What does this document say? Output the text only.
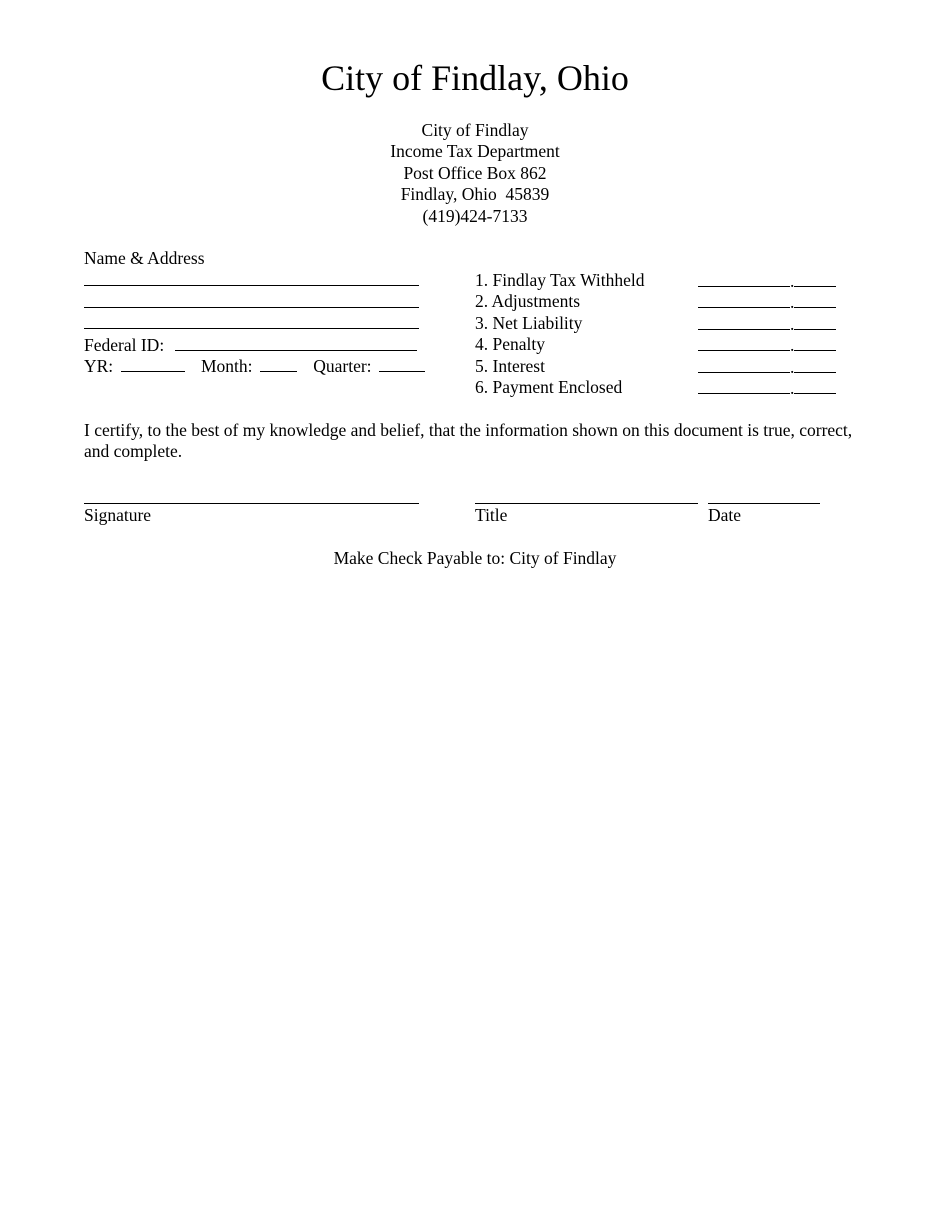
City of Findlay, Ohio
City of Findlay
Income Tax Department
Post Office Box 862
Findlay, Ohio  45839
(419)424-7133
Name & Address
Federal ID:
YR:	Month:	Quarter:
1. Findlay Tax Withheld	.
2. Adjustments	.
3. Net Liability	.
4. Penalty	.
5. Interest	.
6. Payment Enclosed	.
I certify, to the best of my knowledge and belief, that the information shown on this document is true, correct, and complete.
Signature	Title	Date
Make Check Payable to: City of Findlay
